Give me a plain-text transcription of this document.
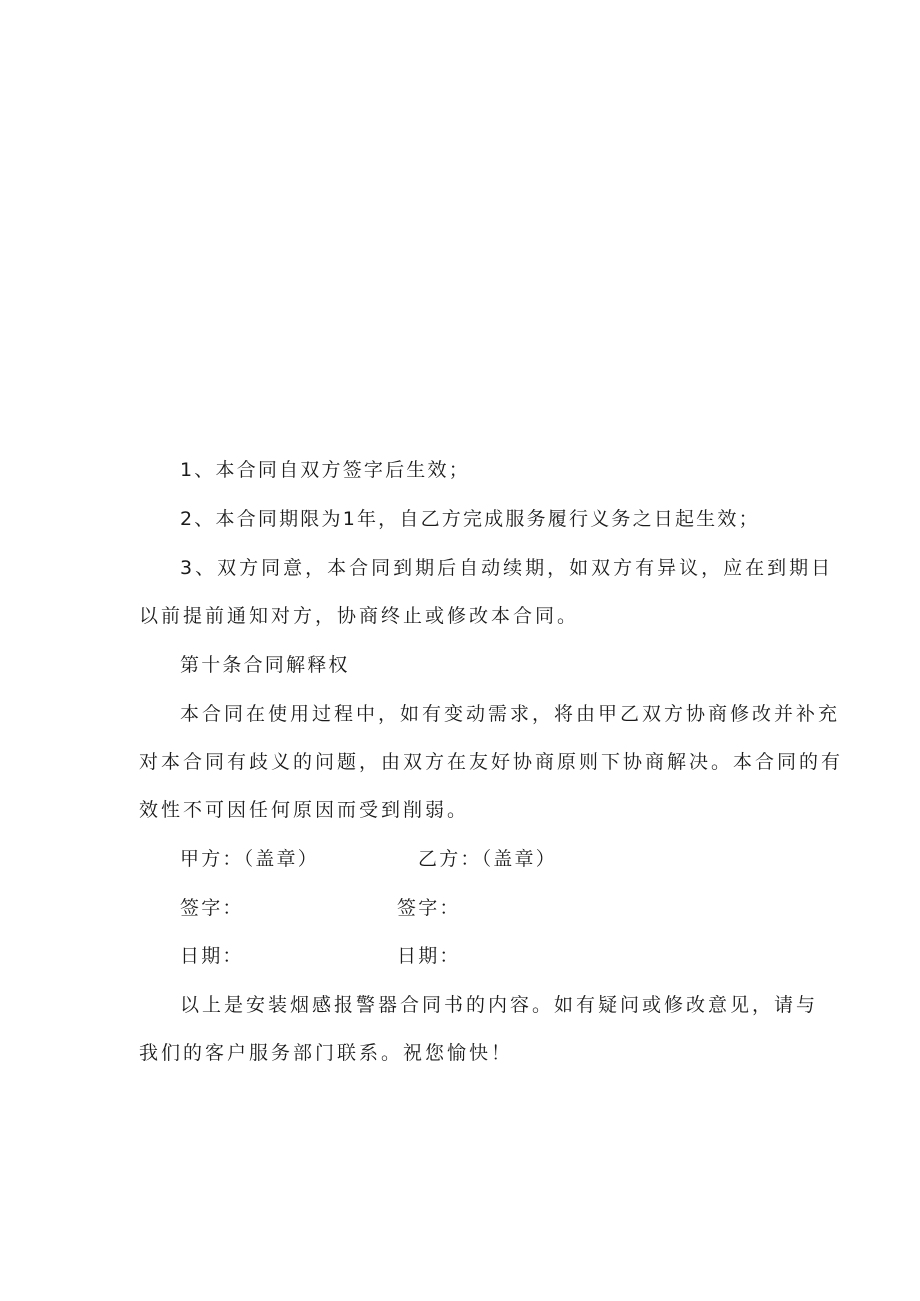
1、本合同自双方签字后生效；
2、本合同期限为1年，自乙方完成服务履行义务之日起生效；
3、双方同意，本合同到期后自动续期，如双方有异议，应在到期日
以前提前通知对方，协商终止或修改本合同。
第十条合同解释权
本合同在使用过程中，如有变动需求，将由甲乙双方协商修改并补充
对本合同有歧义的问题，由双方在友好协商原则下协商解决。本合同的有
效性不可因任何原因而受到削弱。
甲方：（盖章）	乙方：（盖章）
签字：	签字：
日期：	日期：
以上是安装烟感报警器合同书的内容。如有疑问或修改意见，请与
我们的客户服务部门联系。祝您愉快！
